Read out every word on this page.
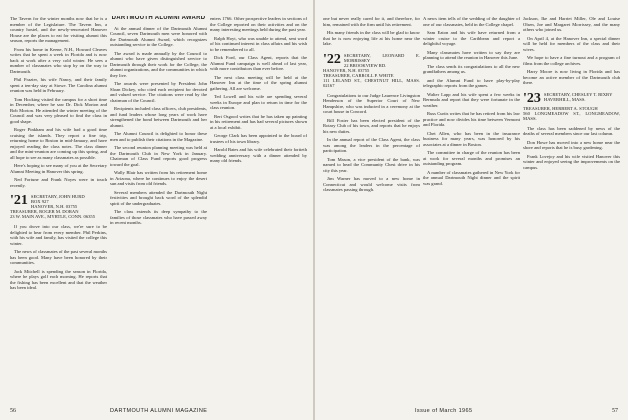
The Tavern for the winter months now that he is a member of the Legislature. The Tavern Inn, a country hostel, and the newly-renovated Hanover House are the places to eat for visiting alumni this season, reports the management.

From his home in Keene, N.H., Howard Cleaves writes that he spent a week in Florida and is now back at work after a very cold winter. He sees a number of classmates who stop by on the way to Dartmouth.

Phil Frazier, his wife Nancy, and their family spent a ten-day stay at Stowe. The Carolina alumni reunion was held in February.

Tom Hocking visited the campus for a short time in December, where he saw Dr. Dick Morton and Bob Morton. He attended the winter meeting of the Council and was very pleased to find the class in good shape.

Roger Pinkham and his wife had a good time cruising the islands. They report a fine trip, returning home to Boston in mid-January, and have enjoyed reading the class notes. The class dinner and the mini-reunion are coming up this spring, and all hope to see as many classmates as possible.

Here's hoping to see many of you at the Secretary Alumni Meeting in Hanover this spring.

Ned Fortune and Frank Noyes were in touch recently.

'21 SECRETARY, JOHN HURD
BOX 927
HANOVER, N.H. 03755
TREASURER, ROGER M. DORAN
23 W. MAIN AVE., MYRTLE, CONN. 06355

If you drove into our class, we're sure to be delighted to hear from every member. Phil Perkins, with his wife and family, has visited the college this winter.

The news of classmates of the past several months has been good. Many have been honored by their communities.

Jack Mitchell is spending the season in Florida, where he plays golf each morning. He reports that the fishing has been excellent and that the weather has been ideal.

DARTMOUTH ALUMNI AWARD

At the annual dinner of the Dartmouth Alumni Council, seven Dartmouth men were honored with the Dartmouth Alumni Award, which recognizes outstanding service to the College.

The award is made annually by the Council to alumni who have given distinguished service to Dartmouth through their work for the College, the alumni organizations, and the communities in which they live.

The awards were presented by President John Sloan Dickey, who cited each recipient for devoted and valued service. The citations were read by the chairman of the Council.

Recipients included class officers, club presidents, and fund leaders whose long years of work have strengthened the bond between Dartmouth and her alumni.

The Alumni Council is delighted to honor these men and to publish their citations in the Magazine.

The second reunion planning meeting was held at the Dartmouth Club in New York in January. Chairman of Class Fund reports good progress toward the goal.

Wally Blair has written from his retirement home in Arizona, where he continues to enjoy the desert sun and visits from old friends.

Several members attended the Dartmouth Night festivities and brought back word of the splendid spirit of the undergraduates.

The class extends its deep sympathy to the families of those classmates who have passed away in recent months.

enters 1766. Other prospective leaders in sections of the College reported on their activities and on the many interesting meetings held during the past year.

Ralph Hoyt, who was unable to attend, sent word of his continued interest in class affairs and his wish to be remembered to all.

Dick Ford, our Class Agent, reports that the Alumni Fund campaign is well ahead of last year, with more contributors than ever before.

The next class meeting will be held at the Hanover Inn at the time of the spring alumni gathering. All are welcome.

Ted Lowell and his wife are spending several weeks in Europe and plan to return in time for the class reunion.

Bert Osgood writes that he has taken up painting in his retirement and has had several pictures shown at a local exhibit.

George Clark has been appointed to the board of trustees of his town library.

Harold Bates and his wife celebrated their fortieth wedding anniversary with a dinner attended by many old friends.

56	DARTMOUTH ALUMNI MAGAZINE

one but never really cared for it, and therefore, for him, remained with the firm until his retirement.

His many friends in the class will be glad to know that he is now enjoying life at his home near the lake.

'22 SECRETARY, LEONARD E. MORRISSEY
22 BROOKVIEW RD.
HANOVER, N.H. 03755
TREASURER, CARROLL P. WHITE
111 LELAND ST., CHESTNUT HILL, MASS. 02167

Congratulations to our Judge Laurence Livingston Henderson of the Superior Court of New Hampshire, who was inducted in a ceremony at the court house in Concord.

Bill Foster has been elected president of the Rotary Club of his town, and reports that he enjoys his new duties.

In the annual report of the Class Agent, the class was among the leaders in the percentage of participation.

Tom Mason, a vice president of the bank, was named to head the Community Chest drive in his city this year.

Jim Warner has moved to a new home in Connecticut and would welcome visits from classmates passing through.

A news item tells of the wedding of the daughter of one of our classmates, held in the College chapel.

Sam Eaton and his wife have returned from a winter cruise to the Caribbean and report a delightful voyage.

Many classmates have written to say they are planning to attend the reunion in Hanover this June.

The class sends its congratulations to all the new grandfathers among us.

and the Alumni Fund to have play-by-play telegraphic reports from the games.

Walter Lapp and his wife spent a few weeks in Bermuda and report that they were fortunate in the weather.

Russ Curtis writes that he has retired from his law practice and now divides his time between Vermont and Florida.

Chet Allen, who has been in the insurance business for many years, was honored by his associates at a dinner in Boston.

The committee in charge of the reunion has been at work for several months and promises an outstanding program.

A number of classmates gathered in New York for the annual Dartmouth Night dinner and the spirit was grand.

Jackson, Ike and Harriet Miller, Ole and Louise Olsen, Joe and Margaret Morrissey, and the many others who joined us.

On April 4, at the Hanover Inn, a special dinner will be held for members of the class and their wives.

We hope to have a fine turnout and a program of films from the college archives.

Harry Moore is now living in Florida and has become an active member of the Dartmouth club there.

'23 SECRETARY, CHESLEY T. BIXBY
HAVERHILL, MASS.
TREASURER, HERBERT A. STOUGH
560 LONGMEADOW ST., LONGMEADOW, MASS.

The class has been saddened by news of the deaths of several members since our last column.

Don Howe has moved into a new home near the shore and reports that he is busy gardening.

Frank Lovejoy and his wife visited Hanover this winter and enjoyed seeing the improvements on the campus.

Issue of March 1965	57
